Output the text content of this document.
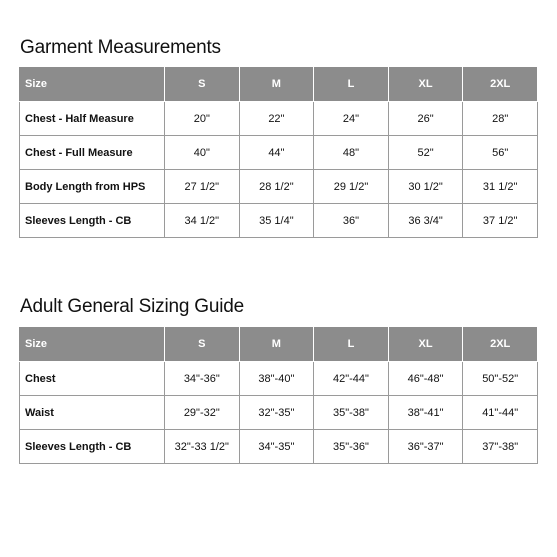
Garment Measurements
Size	S	M	L	XL	2XL
Chest - Half Measure	20"	22"	24"	26"	28"
Chest - Full Measure	40"	44"	48"	52"	56"
Body Length from HPS	27 1/2"	28 1/2"	29 1/2"	30 1/2"	31 1/2"
Sleeves Length - CB	34 1/2"	35 1/4"	36"	36 3/4"	37 1/2"
Adult General Sizing Guide
Size	S	M	L	XL	2XL
Chest	34"-36"	38"-40"	42"-44"	46"-48"	50"-52"
Waist	29"-32"	32"-35"	35"-38"	38"-41"	41"-44"
Sleeves Length - CB	32"-33 1/2"	34"-35"	35"-36"	36"-37"	37"-38"
